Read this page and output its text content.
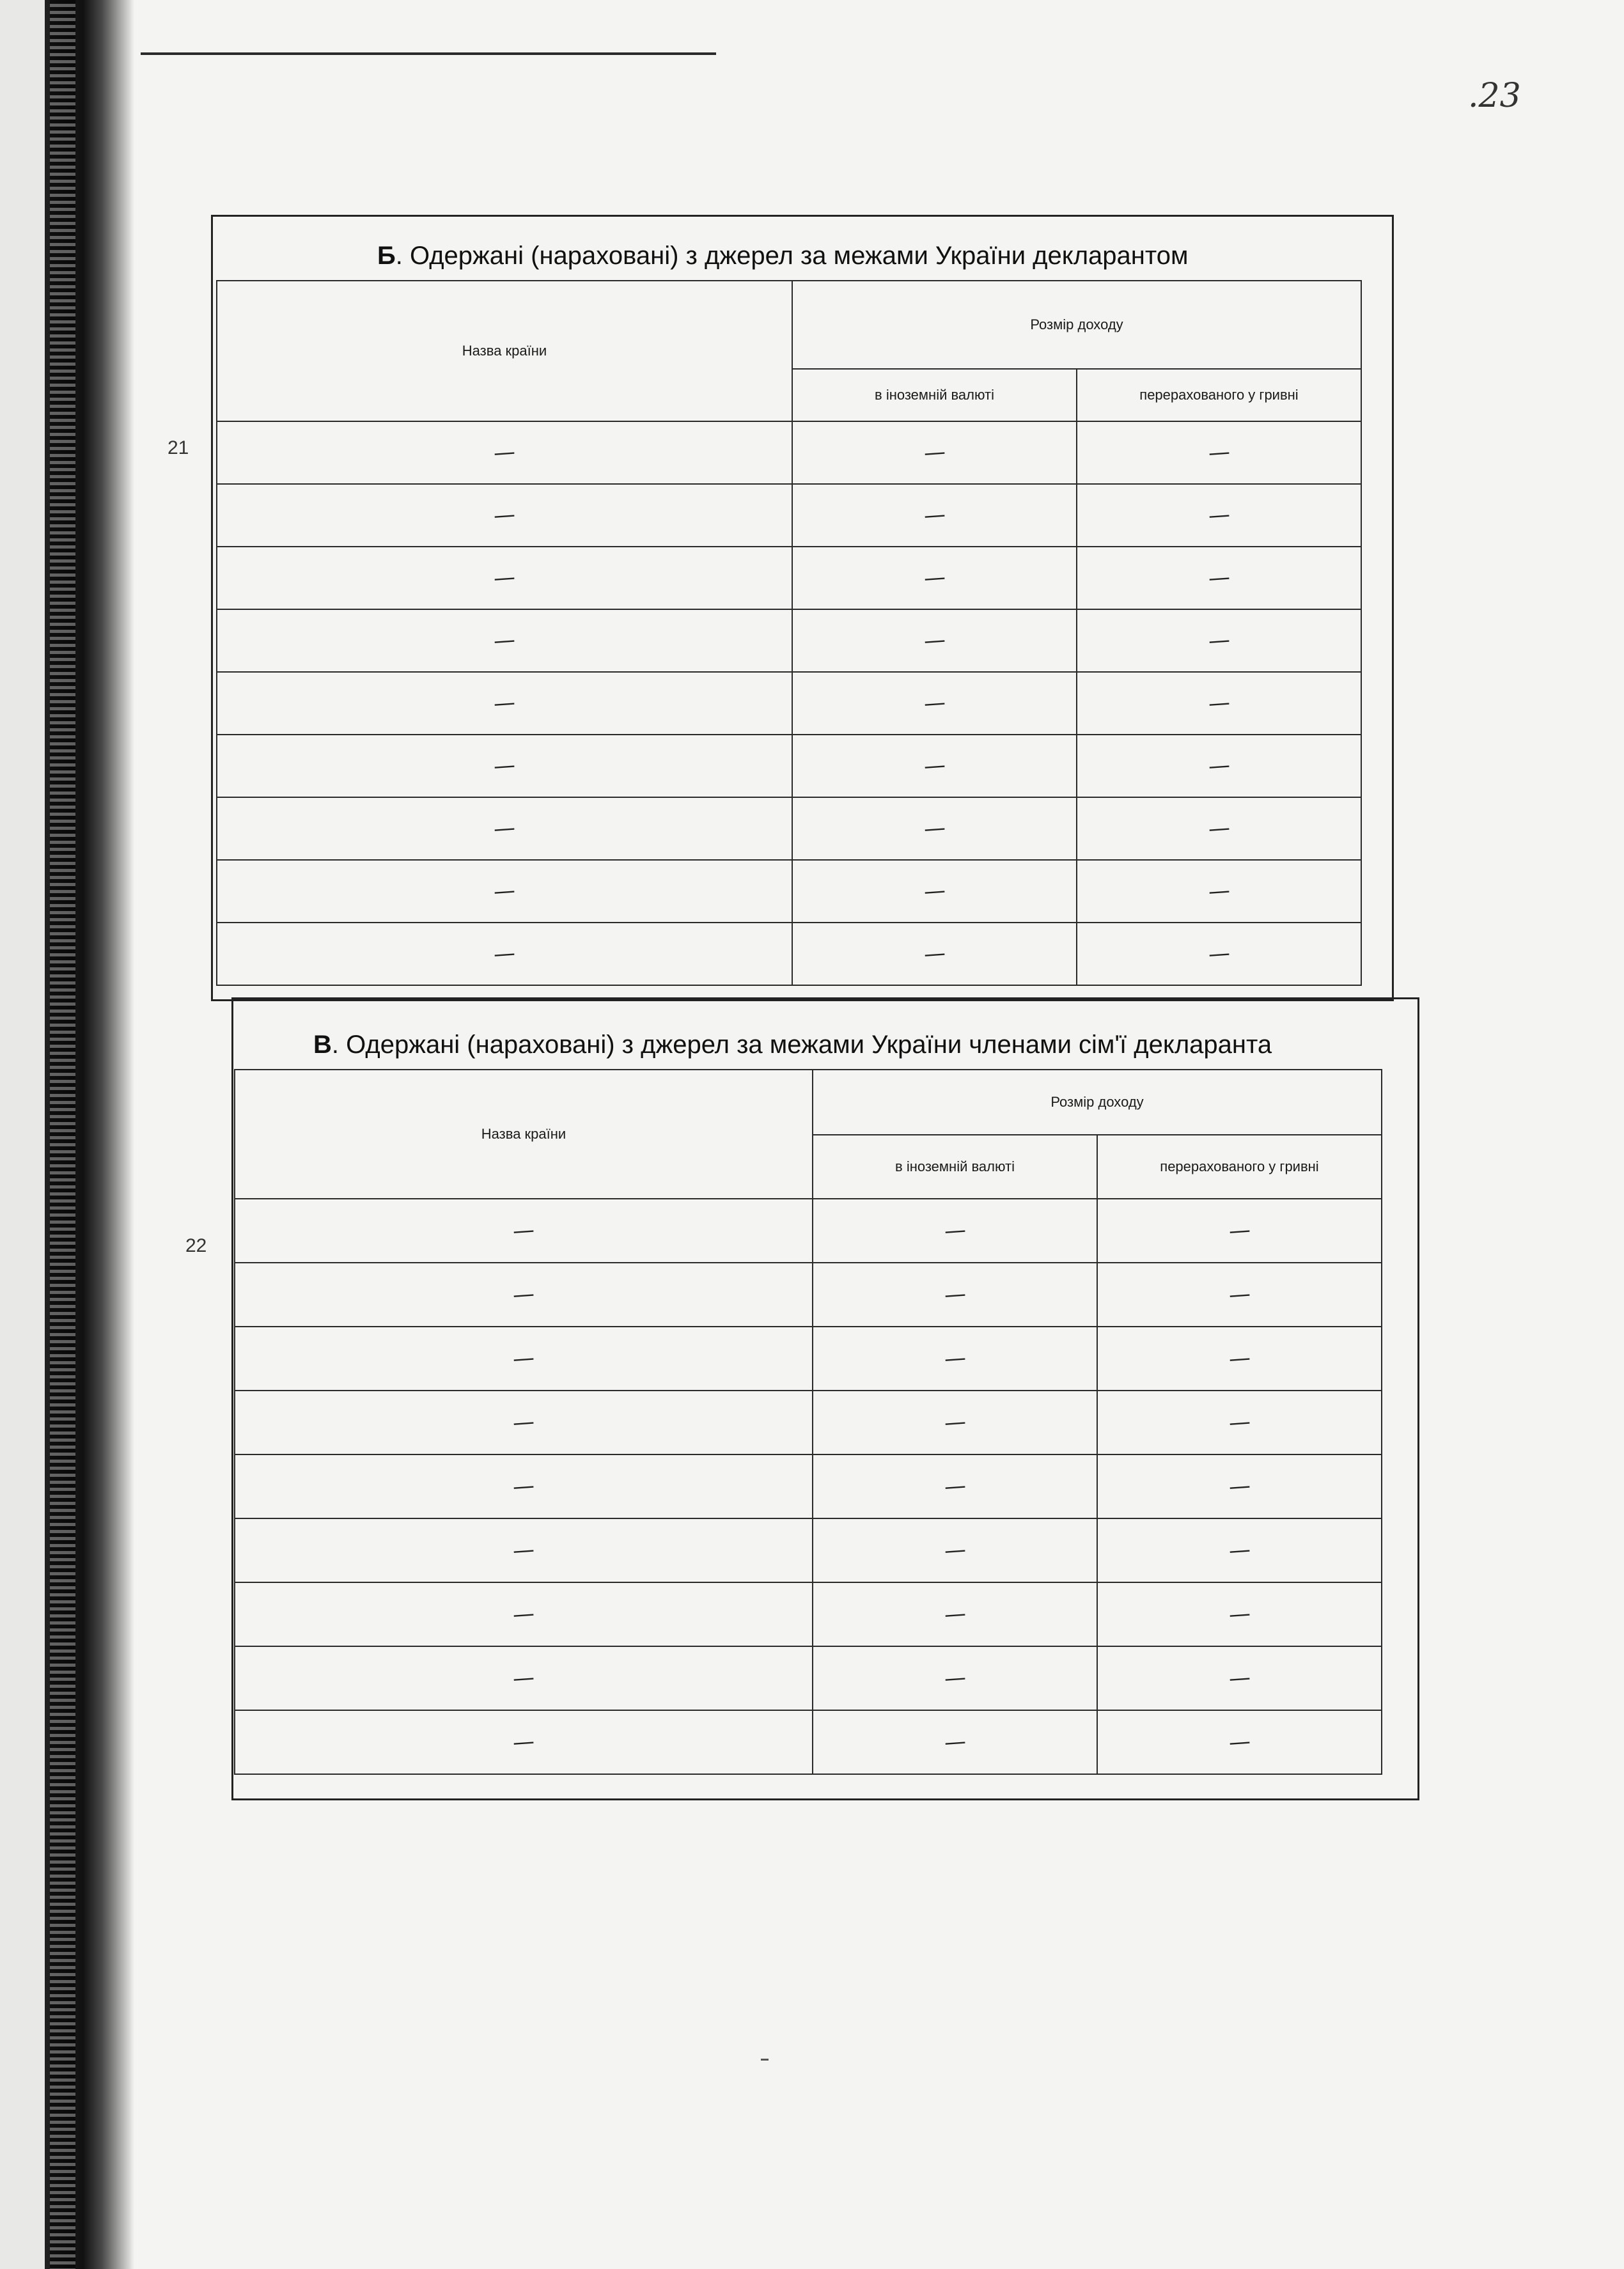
.23
Б. Одержані (нараховані) з джерел за межами України декларантом
21
Назва країни	Розмір доходу	
	в іноземній валюті	перерахованого у гривні
—	—	—
—	—	—
—	—	—
—	—	—
—	—	—
—	—	—
—	—	—
—	—	—
—	—	—
В. Одержані (нараховані) з джерел за межами України членами сім'ї декларанта
22
Назва країни	Розмір доходу	
	в іноземній валюті	перерахованого у гривні
—	—	—
—	—	—
—	—	—
—	—	—
—	—	—
—	—	—
—	—	—
—	—	—
—	—	—
